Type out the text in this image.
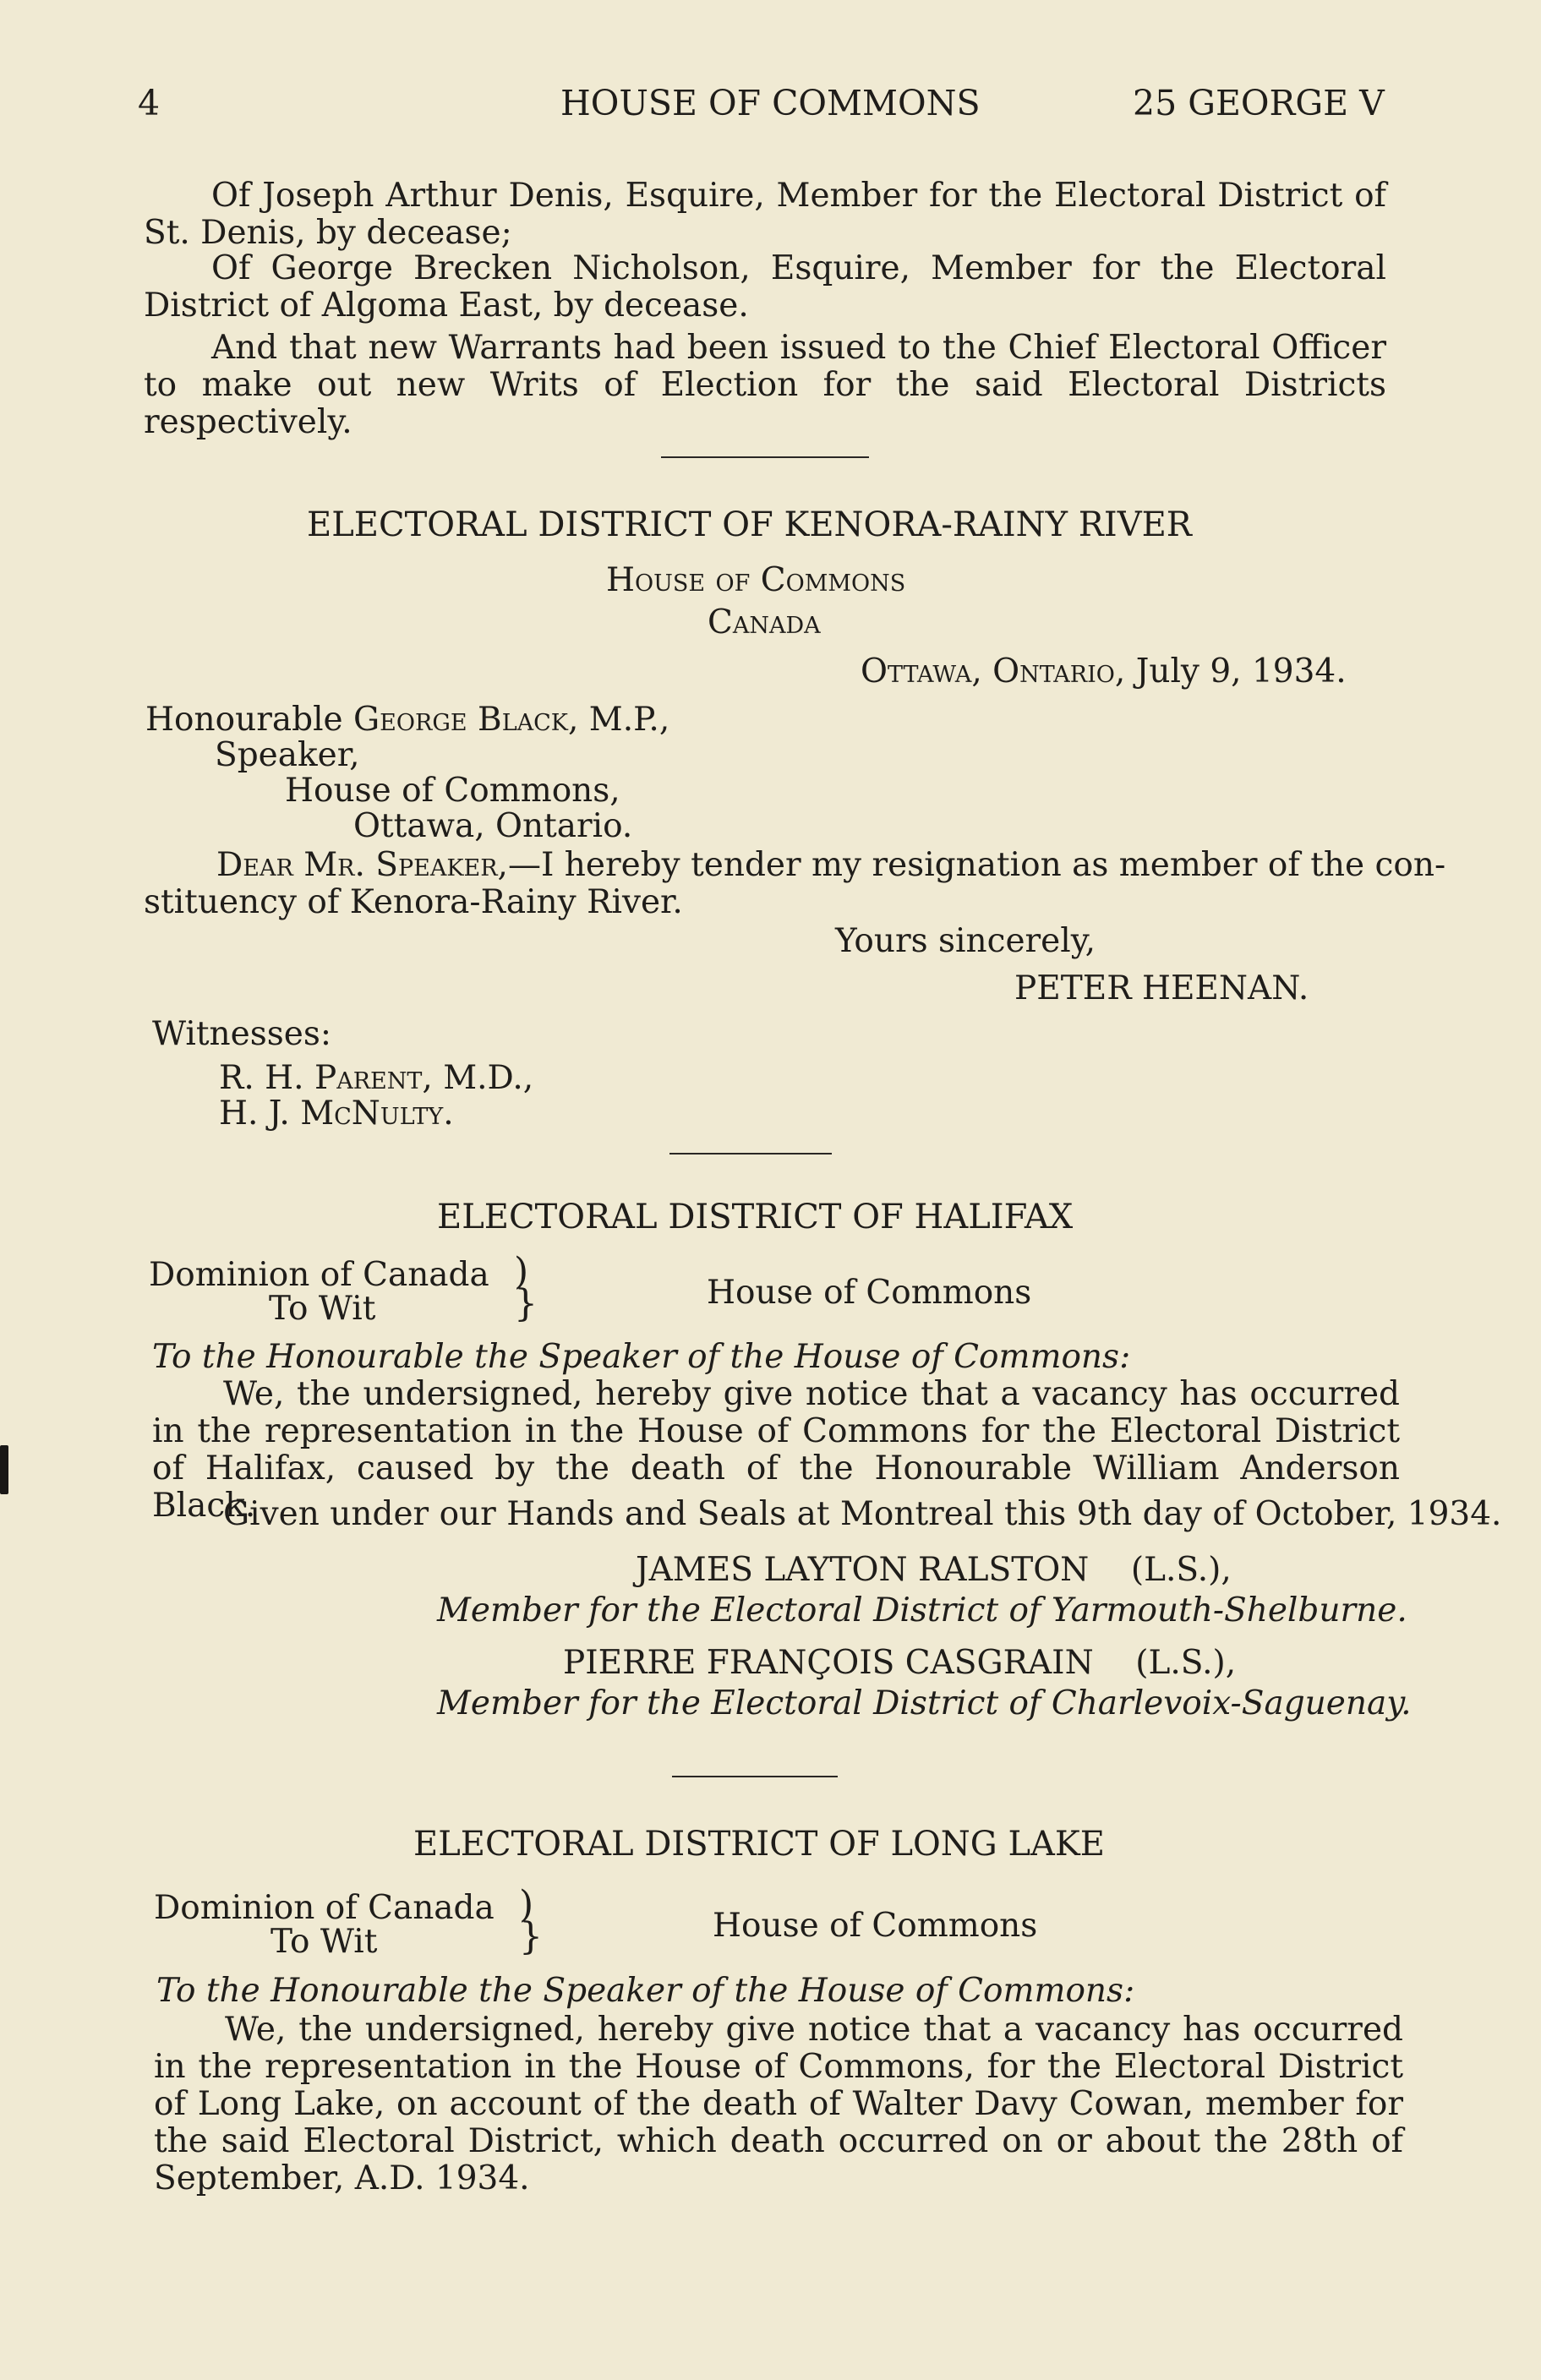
4	HOUSE OF COMMONS	25 GEORGE V

Of Joseph Arthur Denis, Esquire, Member for the Electoral District of St. Denis, by decease;

Of George Brecken Nicholson, Esquire, Member for the Electoral District of Algoma East, by decease.

And that new Warrants had been issued to the Chief Electoral Officer to make out new Writs of Election for the said Electoral Districts respectively.

ELECTORAL DISTRICT OF KENORA-RAINY RIVER
House of Commons
Canada
Ottawa, Ontario, July 9, 1934.
Honourable George Black, M.P.,
Speaker,
House of Commons,
Ottawa, Ontario.
Dear Mr. Speaker,—I hereby tender my resignation as member of the con-
stituency of Kenora-Rainy River.
Yours sincerely,
PETER HEENAN.
Witnesses:
R. H. Parent, M.D.,
H. J. McNulty.
ELECTORAL DISTRICT OF HALIFAX
Dominion of Canada
To Wit
)
}	House of Commons
To the Honourable the Speaker of the House of Commons:

We, the undersigned, hereby give notice that a vacancy has occurred in the representation in the House of Commons for the Electoral District of Halifax, caused by the death of the Honourable William Anderson Black.

Given under our Hands and Seals at Montreal this 9th day of October, 1934.
JAMES LAYTON RALSTON (L.S.),
Member for the Electoral District of Yarmouth-Shelburne.
PIERRE FRANÇOIS CASGRAIN (L.S.),
Member for the Electoral District of Charlevoix-Saguenay.
ELECTORAL DISTRICT OF LONG LAKE
Dominion of Canada
To Wit
)
}	House of Commons
To the Honourable the Speaker of the House of Commons:

We, the undersigned, hereby give notice that a vacancy has occurred in the representation in the House of Commons, for the Electoral District of Long Lake, on account of the death of Walter Davy Cowan, member for the said Electoral District, which death occurred on or about the 28th of September, A.D. 1934.
